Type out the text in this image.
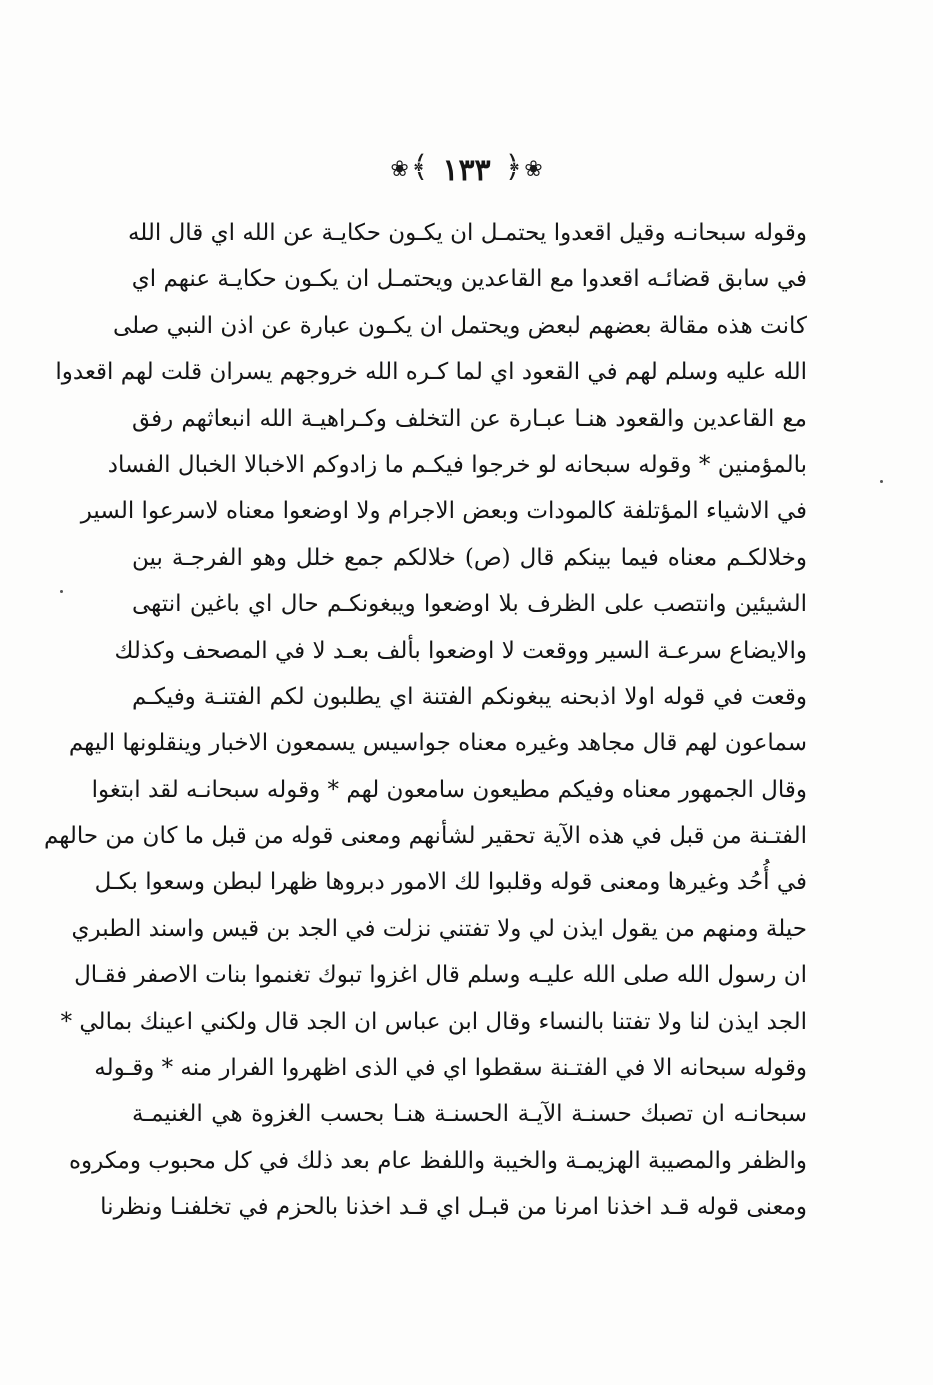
❀ ﴾ ١٣٣ ﴿ ❀
وقوله سبحانـه وقيل اقعدوا يحتمـل ان يكـون حكايـة عن الله اي قال الله
في سابق قضائـه اقعدوا مع القاعدين ويحتمـل ان يكـون حكايـة عنهم اي
كانت هذه مقالة بعضهم لبعض ويحتمل ان يكـون عبارة عن اذن النبي صلى
الله عليه وسلم لهم في القعود اي لما كـره الله خروجهم يسران قلت لهم اقعدوا
مع القاعدين والقعود هنـا عبـارة عن التخلف وكـراهيـة الله انبعاثهم رفق
بالمؤمنين * وقوله سبحانه لو خرجوا فيكـم ما زادوكم الاخبالا الخبال الفساد
في الاشياء المؤتلفة كالمودات وبعض الاجرام ولا اوضعوا معناه لاسرعوا السير
وخلالكـم معناه فيما بينكم قال (ص) خلالكم جمع خلل وهو الفرجـة بين
الشيئين وانتصب على الظرف بلا اوضعوا ويبغونكـم حال اي باغين انتهى
والايضاع سرعـة السير ووقعت لا اوضعوا بألف بعـد لا في المصحف وكذلك
وقعت في قوله اولا اذبحنه يبغونكم الفتنة اي يطلبون لكم الفتنـة وفيكـم
سماعون لهم قال مجاهد وغيره معناه جواسيس يسمعون الاخبار وينقلونها اليهم
وقال الجمهور معناه وفيكم مطيعون سامعون لهم * وقوله سبحانـه لقد ابتغوا
الفتـنة من قبل في هذه الآية تحقير لشأنهم ومعنى قوله من قبل ما كان من حالهم
في أُحُد وغيرها ومعنى قوله وقلبوا لك الامور دبروها ظهرا لبطن وسعوا بكـل
حيلة ومنهم من يقول ايذن لي ولا تفتني نزلت في الجد بن قيس واسند الطبري
ان رسول الله صلى الله عليـه وسلم قال اغزوا تبوك تغنموا بنات الاصفر فقـال
الجد ايذن لنا ولا تفتنا بالنساء وقال ابن عباس ان الجد قال ولكني اعينك بمالي *
وقوله سبحانه الا في الفتـنة سقطوا اي في الذى اظهروا الفرار منه * وقـوله
سبحانـه ان تصبك حسنـة الآيـة الحسنـة هنـا بحسب الغزوة هي الغنيمـة
والظفر والمصيبة الهزيمـة والخيبة واللفظ عام بعد ذلك في كل محبوب ومكروه
ومعنى قوله قـد اخذنا امرنا من قبـل اي قـد اخذنا بالحزم في تخلفنـا ونظرنا
